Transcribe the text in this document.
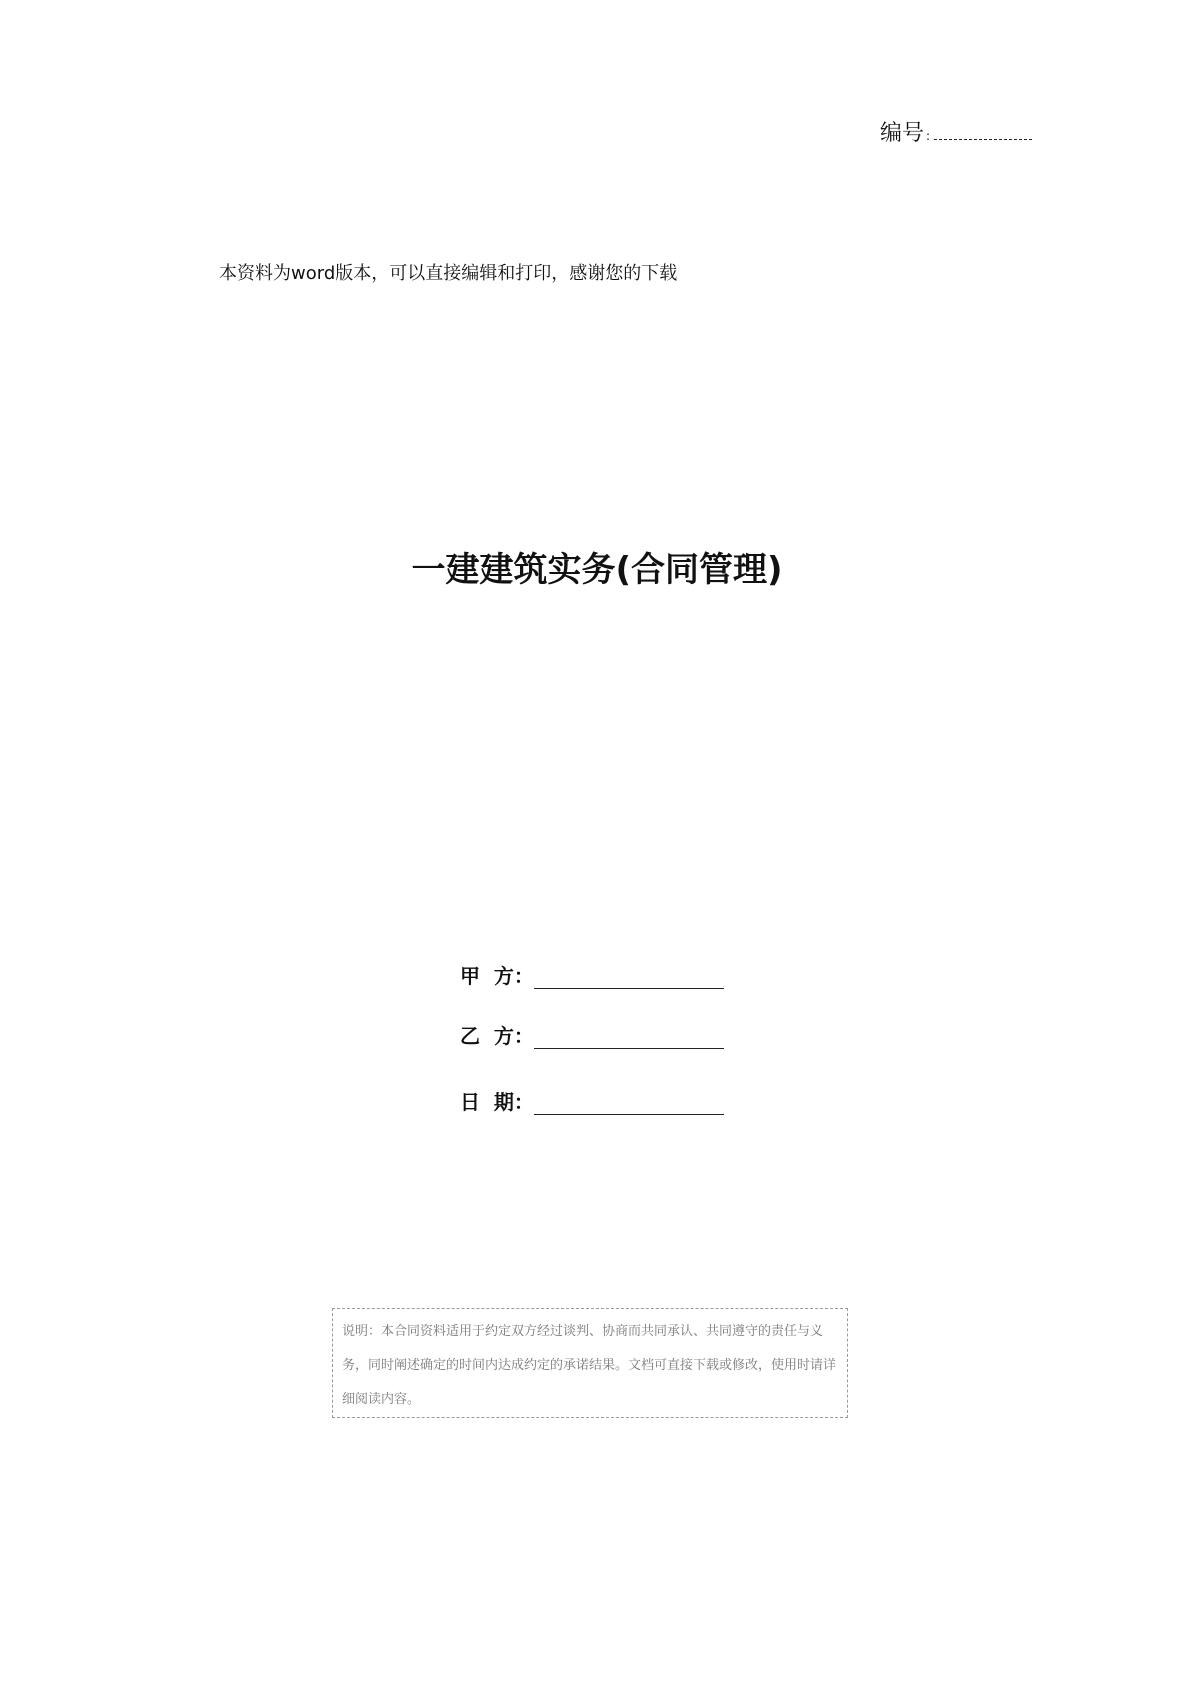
编号 :
本资料为word版本，可以直接编辑和打印，感谢您的下载
一建建筑实务(合同管理)
甲  方：
乙  方：
日  期：
说明：本合同资料适用于约定双方经过谈判、协商而共同承认、共同遵守的责任与义务，同时阐述确定的时间内达成约定的承诺结果。文档可直接下载或修改，使用时请详细阅读内容。
